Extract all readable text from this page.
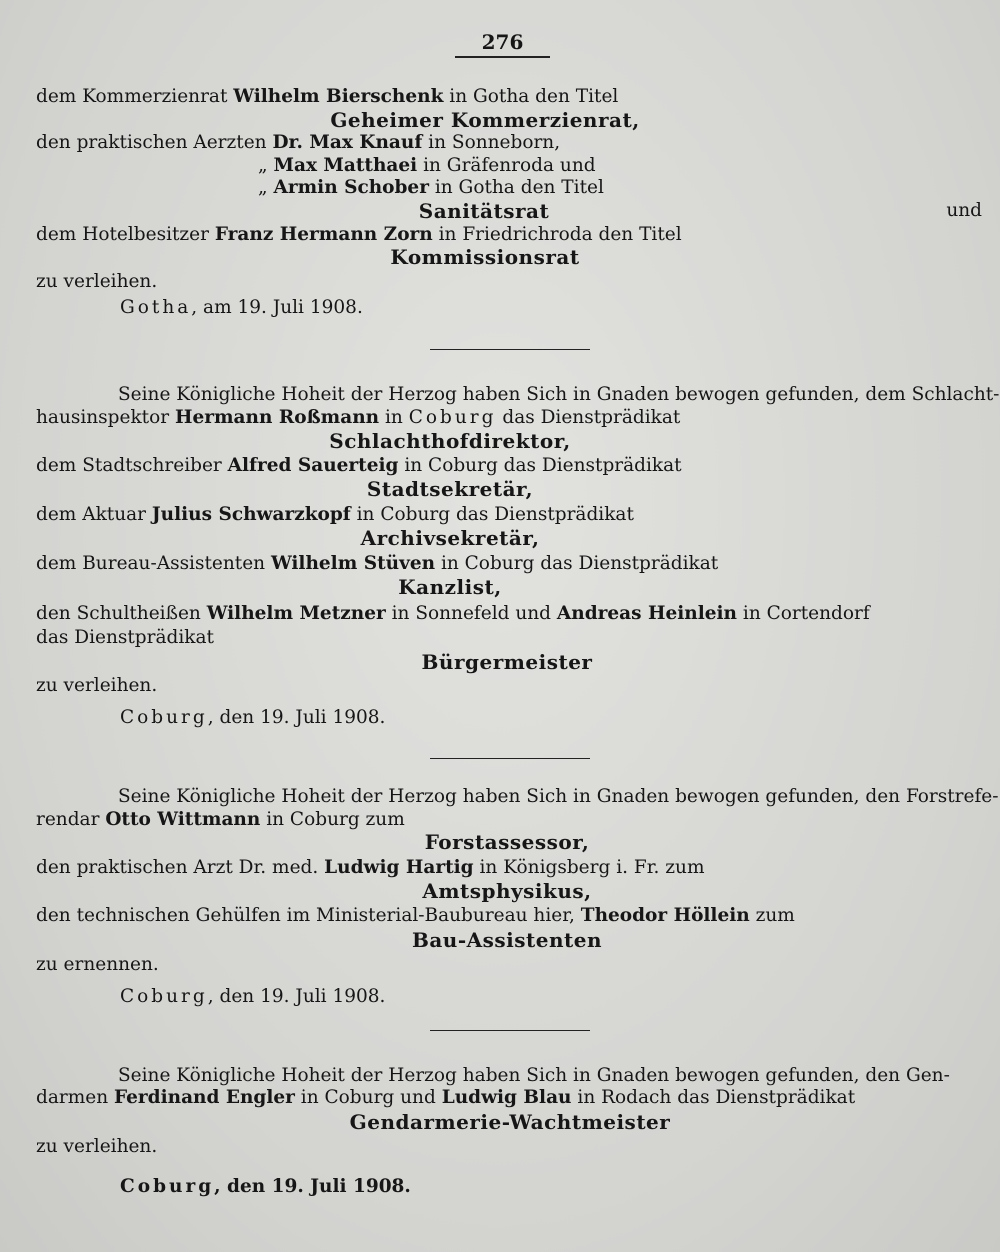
276
dem Kommerzienrat Wilhelm Bierschenk in Gotha den Titel
Geheimer Kommerzienrat,
den praktischen Aerzten Dr. Max Knauf in Sonneborn,
„ Max Matthaei in Gräfenroda und
„ Armin Schober in Gotha den Titel
Sanitätsrat	und
dem Hotelbesitzer Franz Hermann Zorn in Friedrichroda den Titel
Kommissionsrat
zu verleihen.
Gotha, am 19. Juli 1908.
Seine Königliche Hoheit der Herzog haben Sich in Gnaden bewogen gefunden, dem Schlacht-
hausinspektor Hermann Roßmann in Coburg das Dienstprädikat
Schlachthofdirektor,
dem Stadtschreiber Alfred Sauerteig in Coburg das Dienstprädikat
Stadtsekretär,
dem Aktuar Julius Schwarzkopf in Coburg das Dienstprädikat
Archivsekretär,
dem Bureau-Assistenten Wilhelm Stüven in Coburg das Dienstprädikat
Kanzlist,
den Schultheißen Wilhelm Metzner in Sonnefeld und Andreas Heinlein in Cortendorf
das Dienstprädikat
Bürgermeister
zu verleihen.
Coburg, den 19. Juli 1908.
Seine Königliche Hoheit der Herzog haben Sich in Gnaden bewogen gefunden, den Forstrefe-
rendar Otto Wittmann in Coburg zum
Forstassessor,
den praktischen Arzt Dr. med. Ludwig Hartig in Königsberg i. Fr. zum
Amtsphysikus,
den technischen Gehülfen im Ministerial-Baubureau hier, Theodor Höllein zum
Bau-Assistenten
zu ernennen.
Coburg, den 19. Juli 1908.
Seine Königliche Hoheit der Herzog haben Sich in Gnaden bewogen gefunden, den Gen-
darmen Ferdinand Engler in Coburg und Ludwig Blau in Rodach das Dienstprädikat
Gendarmerie-Wachtmeister
zu verleihen.
Coburg, den 19. Juli 1908.
